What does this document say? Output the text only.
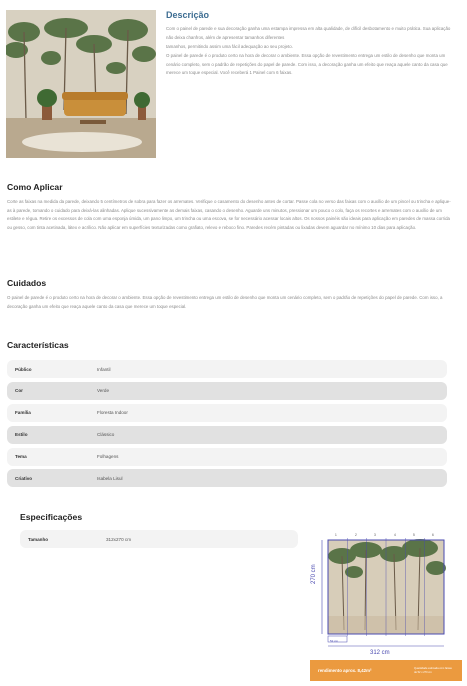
Descrição

Com o painel de parede e sua decoração ganha uma estampa impressa em alta qualidade, de difícil desbotamento e muito prática. Sua aplicação não deixa chanfros, além de apresentar tamanhos diferentes

tamanhos, permitindo assim uma fácil adequação ao seu projeto.

O painel de parede é o produto certo na hora de decorar o ambiente. Essa opção de revestimento entrega um estilo de desenho que monta um cenário completo, sem o padrão de repetições do papel de parede. Com isso, a decoração ganha um efeito que reaça aquele canto da casa que merece um toque especial. Você receberá 1 Painel com 6 faixas.

Como Aplicar

Corte as faixas na medida da parede, deixando 5 centímetros de sobra para fazer os arremates. Verifique o casamento do desenho antes de cortar. Passe cola no verso das faixas com o auxílio de um pincel ou trincha e aplique-as à parede, tomando o cuidado para deixá-las alinhadas. Aplique sucessivamente as demais faixas, casando o desenho. Aguarde uns minutos, pressionar um pouco o colo, faça os recortes e arremates com o auxílio de um estilete e régua. Retire os excessos de cola com uma esponja úmida, um pano limpo, um trincha ou uma escova, se for necessário acessar locais altos. Os nossos painéis são ideais para aplicação em paredes de massa corrida ou gesso, com tinta acetinada, látex e acrílico. Não aplicar em superfícies texturizadas como grafiato, relevo e reboco fino. Paredes recém pintadas ou lixadas devem aguardar no mínimo 10 dias para aplicação.

Cuidados

O painel de parede é o produto certo na hora de decorar o ambiente. Essa opção de revestimento entrega um estilo de desenho que monta um cenário completo, sem o padrão de repetições do papel de parede. Com isso, a decoração ganha um efeito que reaça aquele canto da casa que merece um toque especial.

Características
Público	Infantil
Cor	Verde
Família	Floresta Indoor
Estilo	Clássico
Tema	Folhagens
Criativo	Isabela Lisul
Especificações
Tamanho	312x270 cm
1	2	3	4	5	6
270 cm
52 cm
312 cm
rendimento aprox. 8,42m²	Quantidade estimada com faixas de 52 x 270 cm
